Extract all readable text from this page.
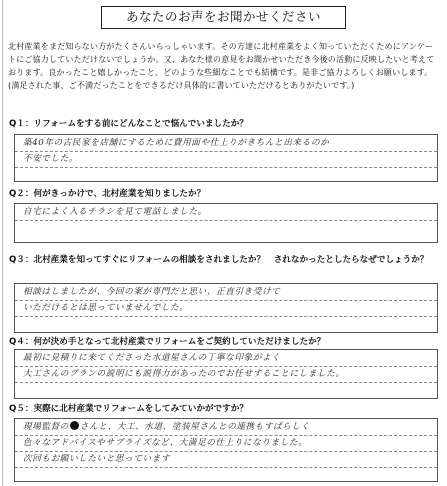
あなたのお声をお聞かせください
北村産業をまだ知らない方がたくさんいらっしゃいます。その方達に北村産業をよく知っていただくためにアンケートにご協力していただけないでしょうか。又、あなた様の意見をお聞かせいただき今後の活動に反映したいと考えております。良かったこと嬉しかったこと、どのような些細なことでも結構です。是非ご協力よろしくお願いします。(満足された事、ご不満だったことをできるだけ具体的に書いていただけるとありがたいです。)
Q１：リフォームをする前にどんなことで悩んでいましたか？
築40年の古民家を店舗にするために費用面や仕上りがきちんと出来るのか
不安でした。
Q２：何がきっかけで、北村産業を知りましたか？
自宅によく入るチラシを見て電話しました。
Q３：北村産業を知ってすぐにリフォームの相談をされましたか？　されなかったとしたらなぜでしょうか？
相談はしましたが、今回の案が専門だと思い、正直引き受けて
いただけるとは思っていませんでした。
Q４：何が決め手となって北村産業でリフォームをご契約していただけましたか？
最初に見積りに来てくださった水道屋さんの丁寧な印象がよく
大工さんのプランの説明にも説得力があったのでお任せすることにしました。
Q５：実際に北村産業でリフォームをしてみていかがですか？
現場監督の さんと、大工、水道、塗装屋さんとの連携もすばらしく
色々なアドバイスやサプライズなど、大満足の仕上りになりました。
次回もお願いしたいと思っています
